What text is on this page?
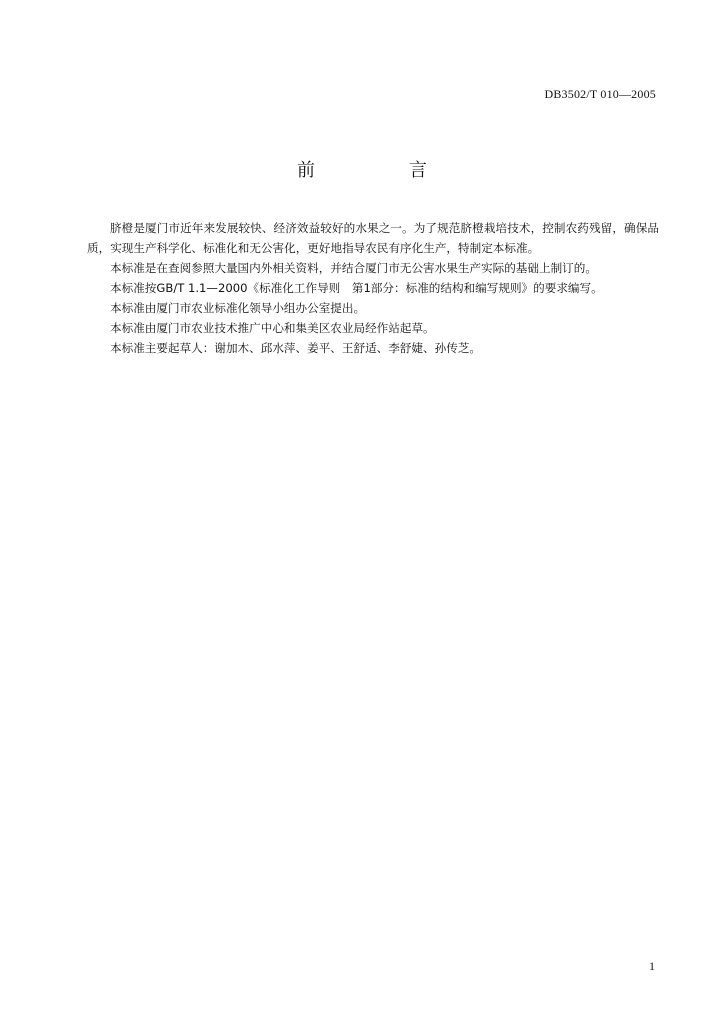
DB3502/T 010—2005
前　言

脐橙是厦门市近年来发展较快、经济效益较好的水果之一。为了规范脐橙栽培技术，控制农药残留，确保品质，实现生产科学化、标准化和无公害化，更好地指导农民有序化生产，特制定本标准。

本标准是在查阅参照大量国内外相关资料，并结合厦门市无公害水果生产实际的基础上制订的。

本标准按GB/T 1.1—2000《标准化工作导则　第1部分：标准的结构和编写规则》的要求编写。

本标准由厦门市农业标准化领导小组办公室提出。

本标准由厦门市农业技术推广中心和集美区农业局经作站起草。

本标准主要起草人：谢加木、邱水萍、姜平、王舒适、李舒婕、孙传芝。

1
